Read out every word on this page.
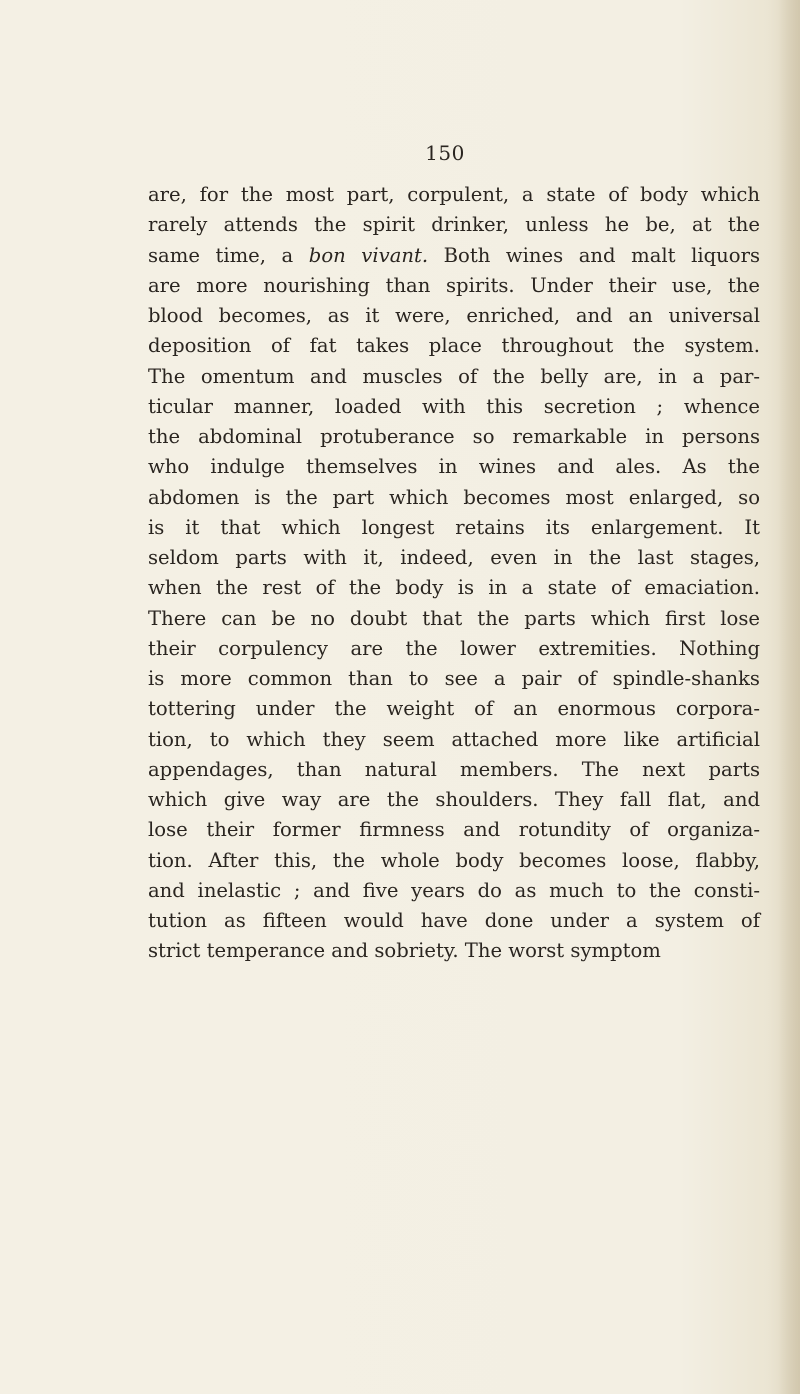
150
are, for the most part, corpulent, a state of body which
rarely attends the spirit drinker, unless he be, at the
same time, a bon vivant. Both wines and malt liquors
are more nourishing than spirits. Under their use, the
blood becomes, as it were, enriched, and an universal
deposition of fat takes place throughout the system.
The omentum and muscles of the belly are, in a par-
ticular manner, loaded with this secretion ; whence
the abdominal protuberance so remarkable in persons
who indulge themselves in wines and ales. As the
abdomen is the part which becomes most enlarged, so
is it that which longest retains its enlargement. It
seldom parts with it, indeed, even in the last stages,
when the rest of the body is in a state of emaciation.
There can be no doubt that the parts which first lose
their corpulency are the lower extremities. Nothing
is more common than to see a pair of spindle-shanks
tottering under the weight of an enormous corpora-
tion, to which they seem attached more like artificial
appendages, than natural members. The next parts
which give way are the shoulders. They fall flat, and
lose their former firmness and rotundity of organiza-
tion. After this, the whole body becomes loose, flabby,
and inelastic ; and five years do as much to the consti-
tution as fifteen would have done under a system of
strict temperance and sobriety. The worst symptom
